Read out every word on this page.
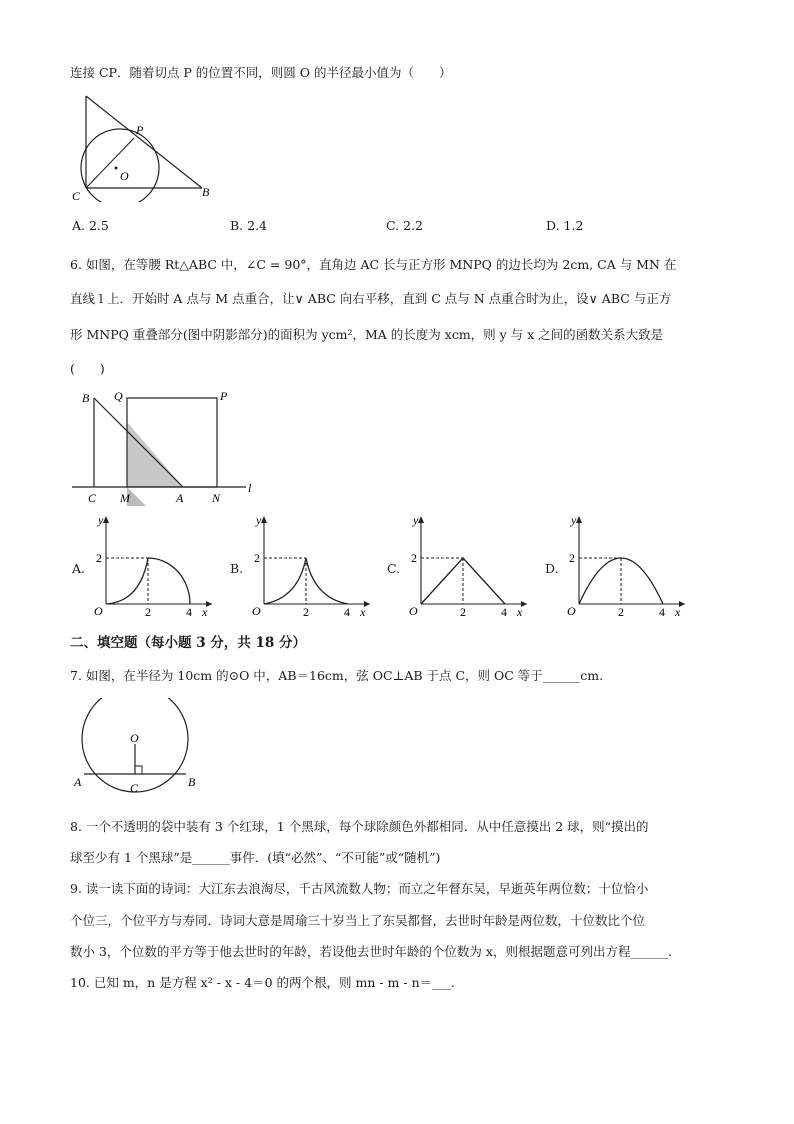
连接 CP．随着切点 P 的位置不同，则圆 O 的半径最小值为（　　）
P
O
C	B
A. 2.5	B. 2.4	C. 2.2	D. 1.2
6. 如图，在等腰 Rt△ABC 中，∠C = 90°，直角边 AC 长与正方形 MNPQ 的边长均为 2cm, CA 与 MN 在
直线 l 上．开始时 A 点与 M 点重合，让∨ ABC 向右平移，直到 C 点与 N 点重合时为止，设∨ ABC 与正方
形 MNPQ 重叠部分(图中阴影部分)的面积为 ycm²，MA 的长度为 xcm，则 y 与 x 之间的函数关系大致是
(　　)
B Q	P
C M	A N
l
A.	B.	C.	D.
y
x
O
2
2	4
y
x
O
2
2	4
y
x
O
2
2	4
y
x
O
2
2	4
二、填空题（每小题 3 分，共 18 分）
7. 如图，在半径为 10cm 的⊙O 中，AB＝16cm，弦 OC⊥AB 于点 C，则 OC 等于______cm.
O
A	B
C
8. 一个不透明的袋中装有 3 个红球，1 个黑球，每个球除颜色外都相同．从中任意摸出 2 球，则“摸出的
球至少有 1 个黑球”是______事件．(填“必然”、“不可能”或“随机”)
9. 读一读下面的诗词：大江东去浪淘尽，千古风流数人物；而立之年督东吴，早逝英年两位数；十位恰小
个位三，个位平方与寿同．诗词大意是周瑜三十岁当上了东吴都督，去世时年龄是两位数，十位数比个位
数小 3，个位数的平方等于他去世时的年龄，若设他去世时年龄的个位数为 x，则根据题意可列出方程______.
10. 已知 m，n 是方程 x² ‐ x ‐ 4＝0 的两个根，则 mn ‐ m ‐ n＝___.
